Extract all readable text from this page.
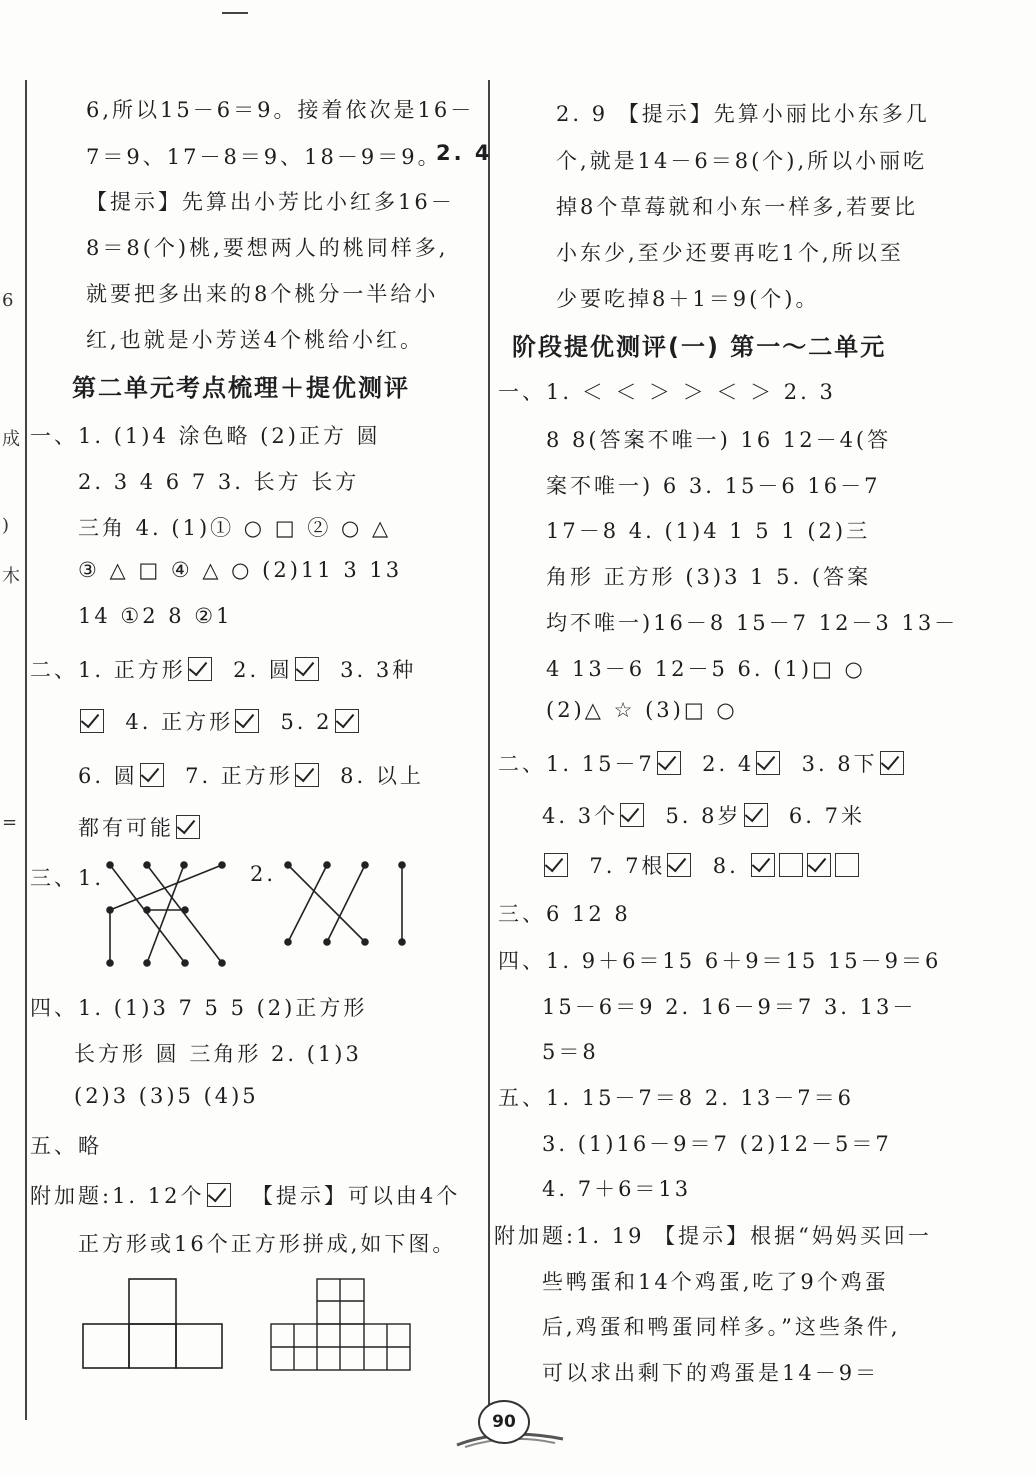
6
成
)
木
=
6,所以15－6＝9。接着依次是16－
7＝9、17－8＝9、18－9＝9。
2. 4
【提示】先算出小芳比小红多16－
8＝8(个)桃,要想两人的桃同样多,
就要把多出来的8个桃分一半给小
红,也就是小芳送4个桃给小红。
第二单元考点梳理＋提优测评
一、1. (1)4 涂色略 (2)正方 圆
2. 3 4 6 7 3. 长方 长方
三角 4. (1)① ○ □ ② ○ △
③ △ □ ④ △ ○ (2)11 3 13
14 ①2 8 ②1
二、1. 正方形 2. 圆 3. 3种
4. 正方形 5. 2
6. 圆 7. 正方形 8. 以上
都有可能
三、1.	2.
四、1. (1)3 7 5 5 (2)正方形
长方形 圆 三角形 2. (1)3
(2)3 (3)5 (4)5
五、略
附加题:1. 12个 【提示】可以由4个
正方形或16个正方形拼成,如下图。
2. 9 【提示】先算小丽比小东多几
个,就是14－6＝8(个),所以小丽吃
掉8个草莓就和小东一样多,若要比
小东少,至少还要再吃1个,所以至
少要吃掉8＋1＝9(个)。
阶段提优测评(一) 第一～二单元
一、1. ＜ ＜ ＞ ＞ ＜ ＞ 2. 3
8 8(答案不唯一) 16 12－4(答
案不唯一) 6 3. 15－6 16－7
17－8 4. (1)4 1 5 1 (2)三
角形 正方形 (3)3 1 5. (答案
均不唯一)16－8 15－7 12－3 13－
4 13－6 12－5 6. (1)□ ○
(2)△ ☆ (3)□ ○
二、1. 15－7 2. 4 3. 8下
4. 3个 5. 8岁 6. 7米
7. 7根 8.
三、6 12 8
四、1. 9＋6＝15 6＋9＝15 15－9＝6
15－6＝9 2. 16－9＝7 3. 13－
5＝8
五、1. 15－7＝8 2. 13－7＝6
3. (1)16－9＝7 (2)12－5＝7
4. 7＋6＝13
附加题:1. 19 【提示】根据“妈妈买回一
些鸭蛋和14个鸡蛋,吃了9个鸡蛋
后,鸡蛋和鸭蛋同样多。”这些条件,
可以求出剩下的鸡蛋是14－9＝
90
